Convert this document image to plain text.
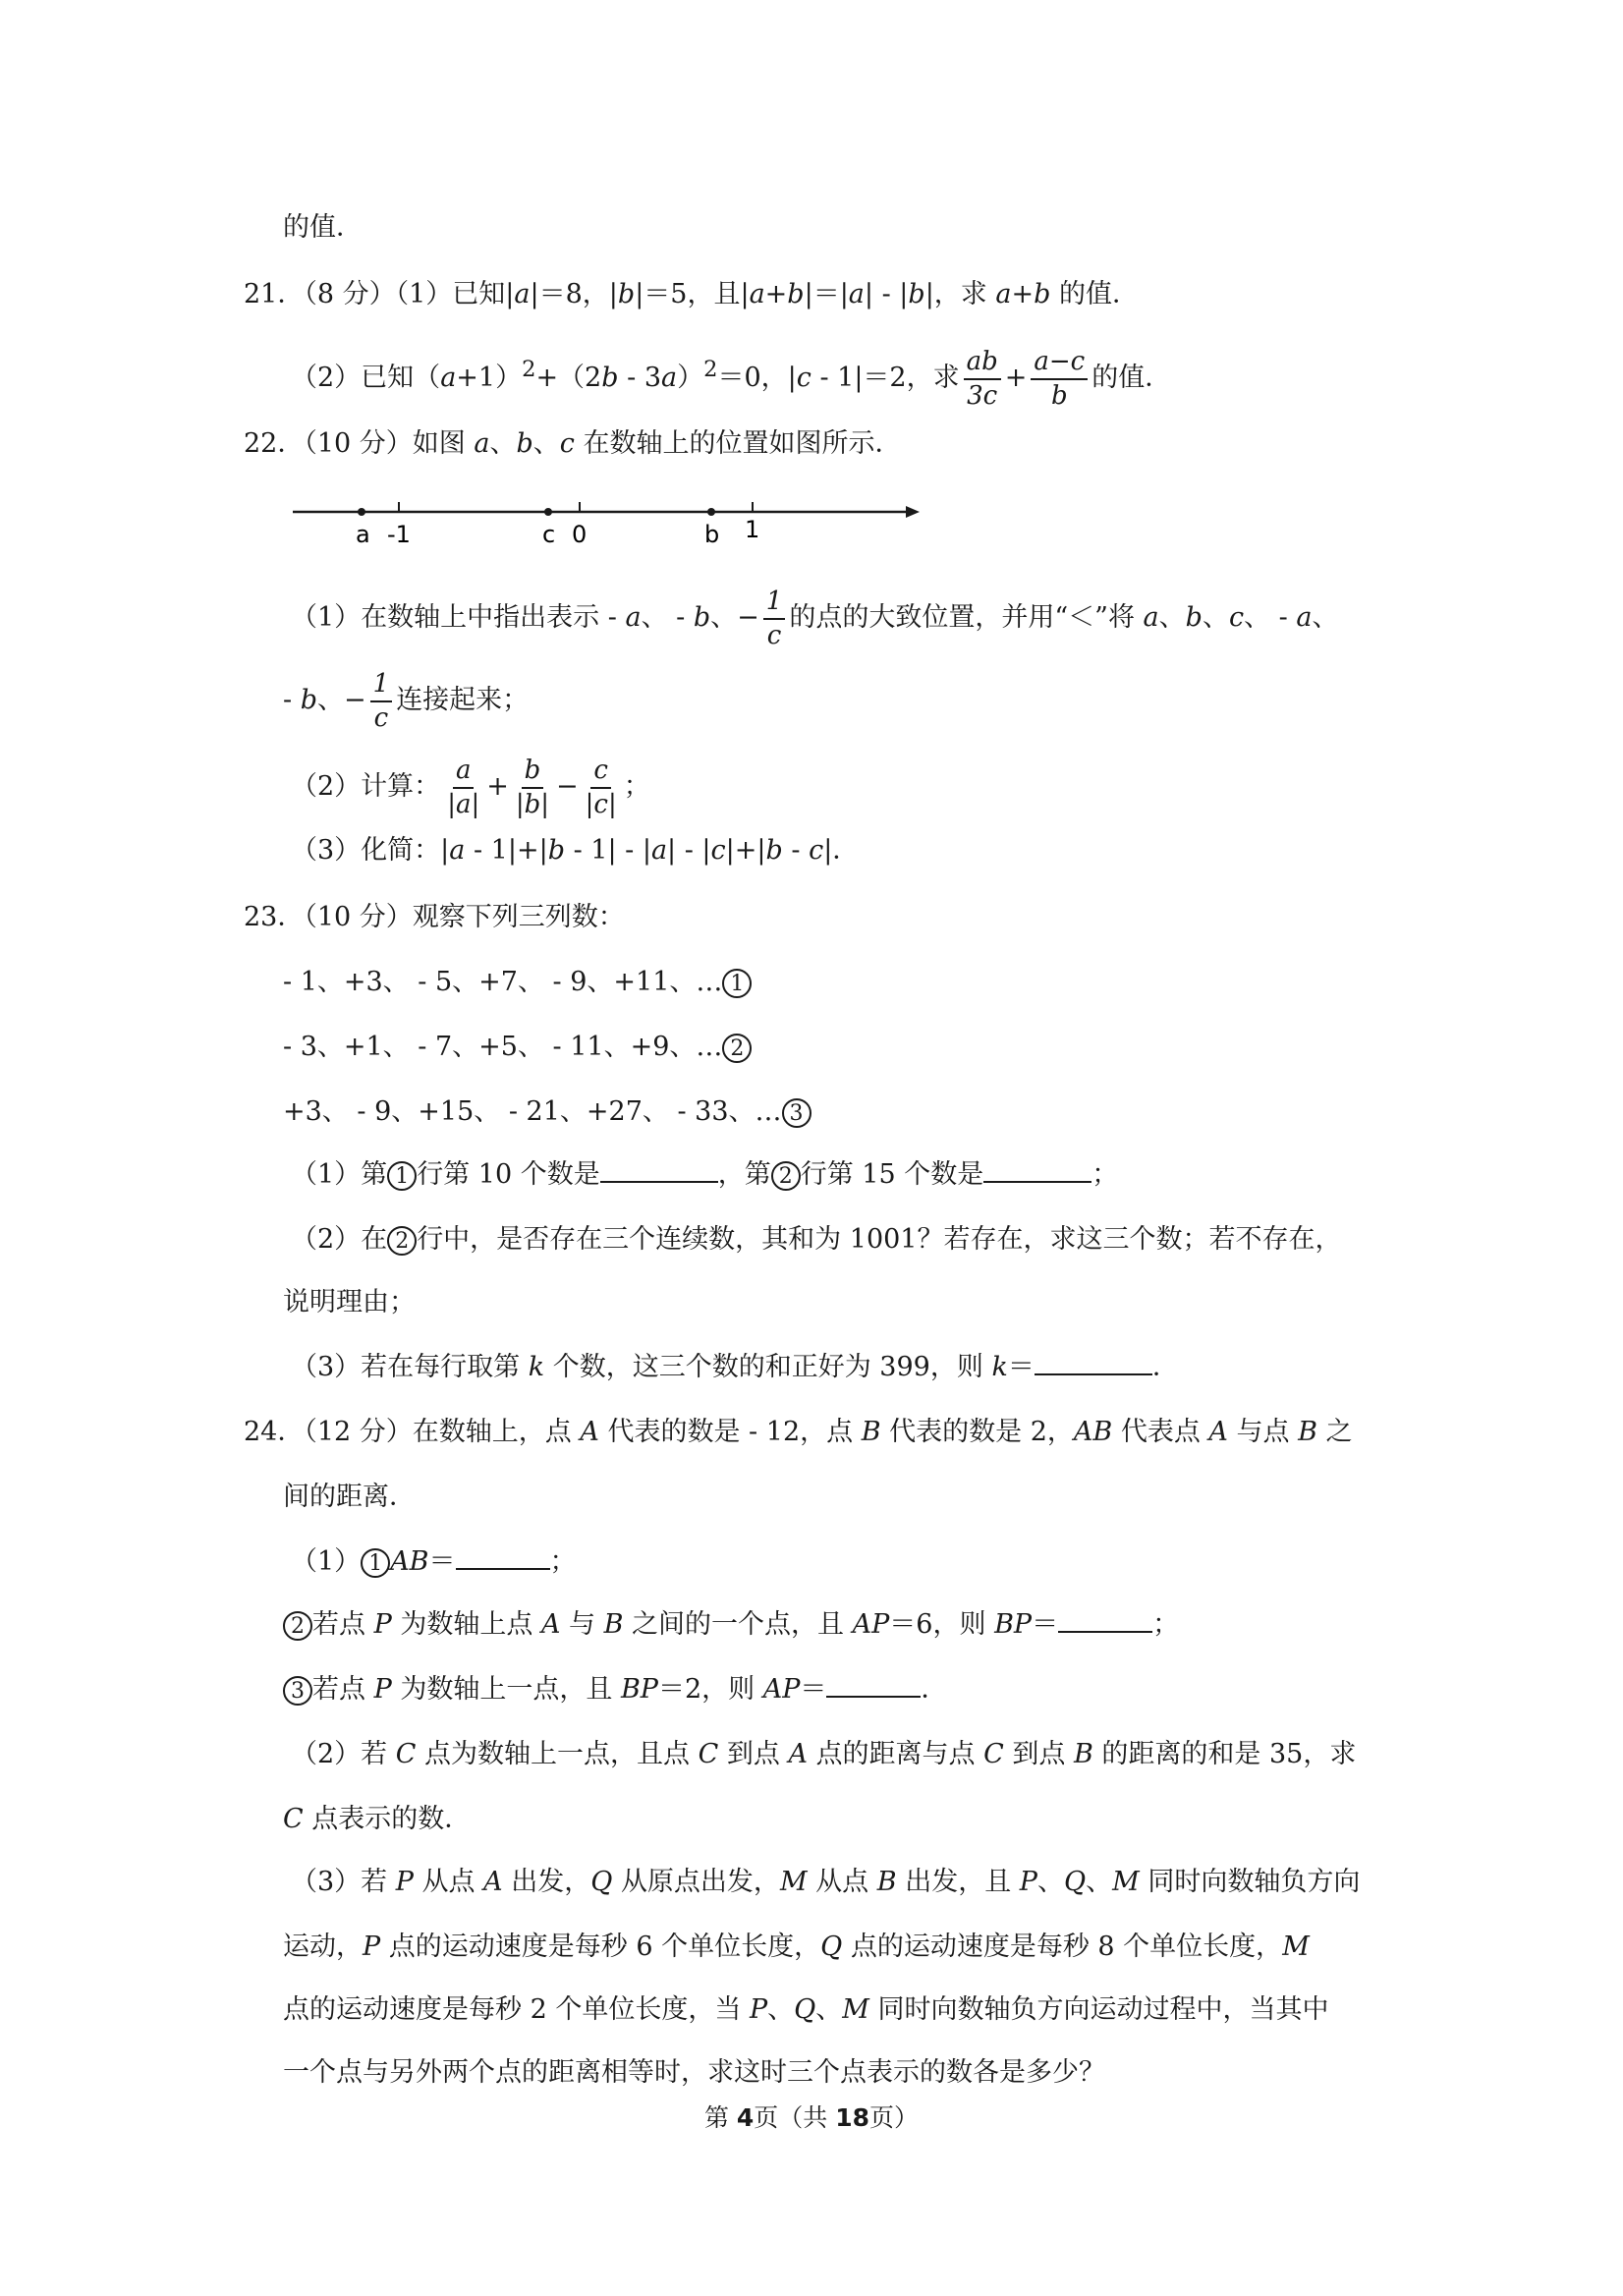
的值．
21．（8 分）（1）已知|a|＝8，|b|＝5，且|a+b|＝|a| - |b|，求 a+b 的值．
（2）已知$(a+1)^2+(2b - 3a)^2=0$，|c - 1|＝2，求 $\frac{ab}{3c} + \frac{a-c}{b}$ 的值．
22．（10 分）如图 a、b、c 在数轴上的位置如图所示．
a -1	c 0	b 1
（1）在数轴上中指出表示 - a、 - b、− $\frac{1}{c}$ 的点的大致位置，并用“＜”将 a、b、c、 - a、
- b、− $\frac{1}{c}$ 连接起来；
（2）计算： $\frac{a}{|a|} + \frac{b}{|b|} - \frac{c}{|c|}$ ；
（3）化简：|a - 1|+|b - 1| - |a| - |c|+|b - c|．
23．（10 分）观察下列三列数：
- 1、+3、 - 5、+7、 - 9、+11、… 1
- 3、+1、 - 7、+5、 - 11、+9、… 2
+3、 - 9、+15、 - 21、+27、 - 33、… 3
（1）第 1 行第 10 个数是	，第 2 行第 15 个数是	；
（2）在 2 行中，是否存在三个连续数，其和为 1001？若存在，求这三个数；若不存在，
说明理由；
（3）若在每行取第 k 个数，这三个数的和正好为 399，则 k＝	．
24．（12 分）在数轴上，点 A 代表的数是 - 12，点 B 代表的数是 2，AB 代表点 A 与点 B 之
间的距离．
（1） 1 AB＝	；
2 若点 P 为数轴上点 A 与 B 之间的一个点，且 AP＝6，则 BP＝	；
3 若点 P 为数轴上一点，且 BP＝2，则 AP＝	．
（2）若 C 点为数轴上一点，且点 C 到点 A 点的距离与点 C 到点 B 的距离的和是 35，求
C 点表示的数．
（3）若 P 从点 A 出发，Q 从原点出发，M 从点 B 出发，且 P、Q、M 同时向数轴负方向
运动，P 点的运动速度是每秒 6 个单位长度，Q 点的运动速度是每秒 8 个单位长度，M
点的运动速度是每秒 2 个单位长度，当 P、Q、M 同时向数轴负方向运动过程中，当其中
一个点与另外两个点的距离相等时，求这时三个点表示的数各是多少？
第 4页（共 18页）
